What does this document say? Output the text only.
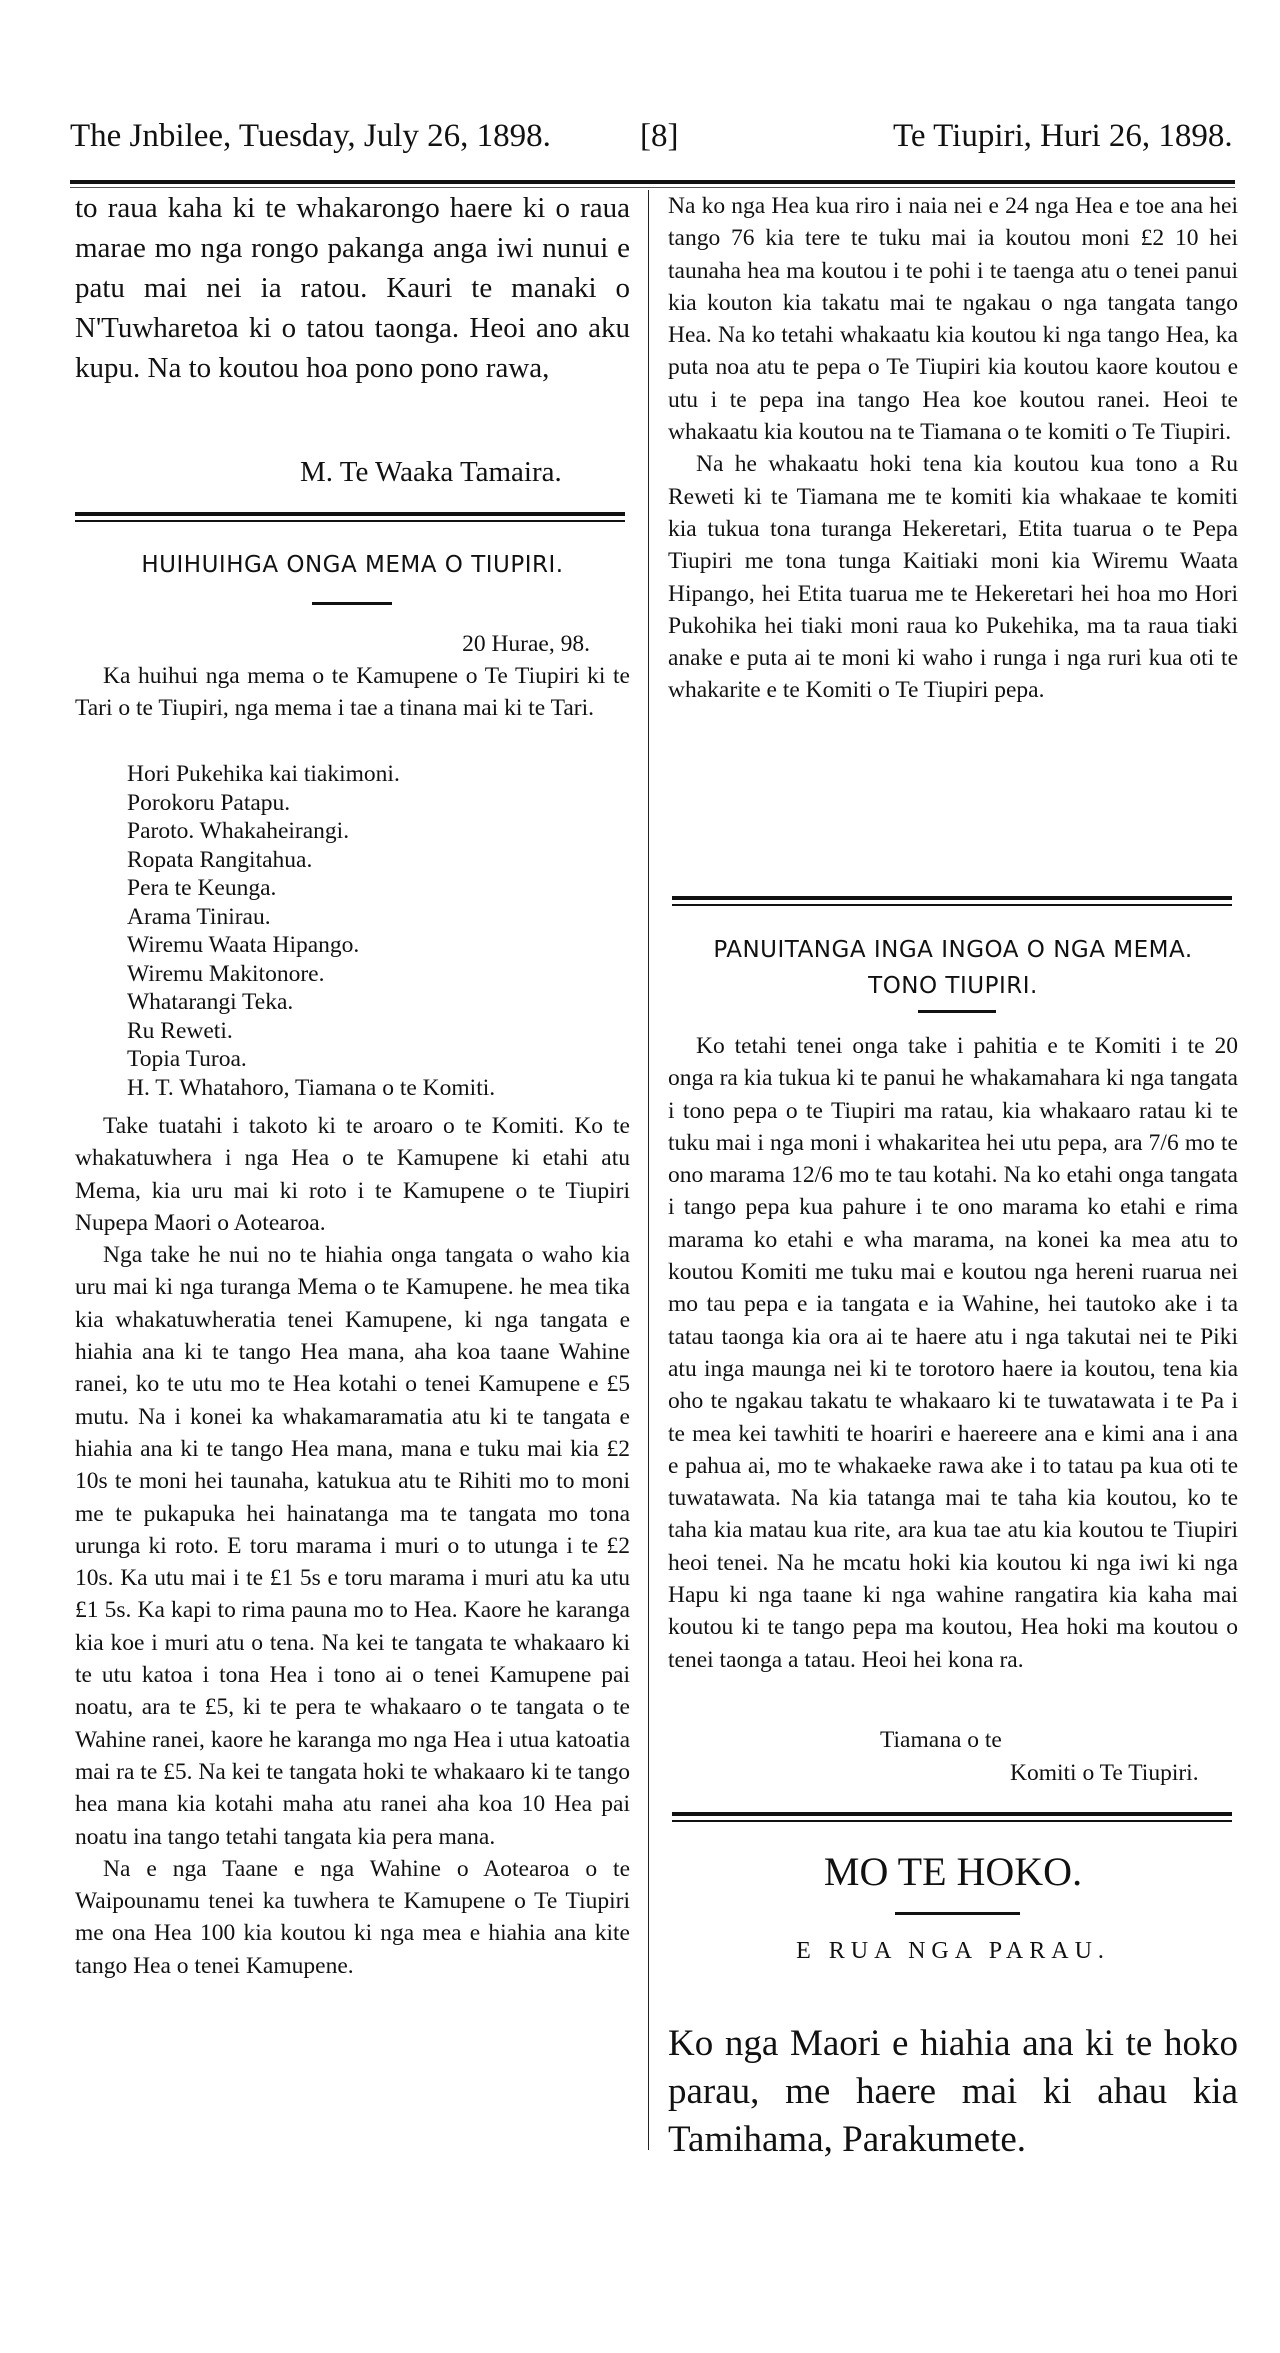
The Jnbilee, Tuesday, July 26, 1898.	[8]	Te Tiupiri, Huri 26, 1898.

to raua kaha ki te whakarongo haere ki o raua marae mo nga rongo pakanga anga iwi nunui e patu mai nei ia ratou. Kauri te manaki o N'Tuwharetoa ki o tatou taonga. Heoi ano aku kupu. Na to koutou hoa pono pono rawa,

M. Te Waaka Tamaira.
HUIHUIHGA ONGA MEMA O TIUPIRI.
20 Hurae, 98.

Ka huihui nga mema o te Kamupene o Te Tiupiri ki te Tari o te Tiupiri, nga mema i tae a tinana mai ki te Tari.

Hori Pukehika kai tiakimoni.
Porokoru Patapu.
Paroto. Whakaheirangi.
Ropata Rangitahua.
Pera te Keunga.
Arama Tinirau.
Wiremu Waata Hipango.
Wiremu Makitonore.
Whatarangi Teka.
Ru Reweti.
Topia Turoa.
H. T. Whatahoro, Tiamana o te Komiti.

Take tuatahi i takoto ki te aroaro o te Komiti. Ko te whakatuwhera i nga Hea o te Kamupene ki etahi atu Mema, kia uru mai ki roto i te Kamupene o te Tiupiri Nupepa Maori o Aotearoa.

Nga take he nui no te hiahia onga tangata o waho kia uru mai ki nga turanga Mema o te Kamupene. he mea tika kia whakatuwheratia tenei Kamupene, ki nga tangata e hiahia ana ki te tango Hea mana, aha koa taane Wahine ranei, ko te utu mo te Hea kotahi o tenei Kamupene e £5 mutu. Na i konei ka whakamaramatia atu ki te tangata e hiahia ana ki te tango Hea mana, mana e tuku mai kia £2 10s te moni hei taunaha, katukua atu te Rihiti mo to moni me te pukapuka hei hainatanga ma te tangata mo tona urunga ki roto. E toru marama i muri o to utunga i te £2 10s. Ka utu mai i te £1 5s e toru marama i muri atu ka utu £1 5s. Ka kapi to rima pauna mo to Hea. Kaore he karanga kia koe i muri atu o tena. Na kei te tangata te whakaaro ki te utu katoa i tona Hea i tono ai o tenei Kamupene pai noatu, ara te £5, ki te pera te whakaaro o te tangata o te Wahine ranei, kaore he karanga mo nga Hea i utua katoatia mai ra te £5. Na kei te tangata hoki te whakaaro ki te tango hea mana kia kotahi maha atu ranei aha koa 10 Hea pai noatu ina tango tetahi tangata kia pera mana.

Na e nga Taane e nga Wahine o Aotearoa o te Waipounamu tenei ka tuwhera te Kamupene o Te Tiupiri me ona Hea 100 kia koutou ki nga mea e hiahia ana kite tango Hea o tenei Kamupene.

Na ko nga Hea kua riro i naia nei e 24 nga Hea e toe ana hei tango 76 kia tere te tuku mai ia koutou moni £2 10 hei taunaha hea ma koutou i te pohi i te taenga atu o tenei panui kia kouton kia takatu mai te ngakau o nga tangata tango Hea. Na ko tetahi whakaatu kia koutou ki nga tango Hea, ka puta noa atu te pepa o Te Tiupiri kia koutou kaore koutou e utu i te pepa ina tango Hea koe koutou ranei. Heoi te whakaatu kia koutou na te Tiamana o te komiti o Te Tiupiri.

Na he whakaatu hoki tena kia koutou kua tono a Ru Reweti ki te Tiamana me te komiti kia whakaae te komiti kia tukua tona turanga Hekeretari, Etita tuarua o te Pepa Tiupiri me tona tunga Kaitiaki moni kia Wiremu Waata Hipango, hei Etita tuarua me te Hekeretari hei hoa mo Hori Pukohika hei tiaki moni raua ko Pukehika, ma ta raua tiaki anake e puta ai te moni ki waho i runga i nga ruri kua oti te whakarite e te Komiti o Te Tiupiri pepa.

PANUITANGA INGA INGOA O NGA MEMA.
TONO TIUPIRI.

Ko tetahi tenei onga take i pahitia e te Komiti i te 20 onga ra kia tukua ki te panui he whakamahara ki nga tangata i tono pepa o te Tiupiri ma ratau, kia whakaaro ratau ki te tuku mai i nga moni i whakaritea hei utu pepa, ara 7/6 mo te ono marama 12/6 mo te tau kotahi. Na ko etahi onga tangata i tango pepa kua pahure i te ono marama ko etahi e rima marama ko etahi e wha marama, na konei ka mea atu to koutou Komiti me tuku mai e koutou nga hereni ruarua nei mo tau pepa e ia tangata e ia Wahine, hei tautoko ake i ta tatau taonga kia ora ai te haere atu i nga takutai nei te Piki atu inga maunga nei ki te torotoro haere ia koutou, tena kia oho te ngakau takatu te whakaaro ki te tuwatawata i te Pa i te mea kei tawhiti te hoariri e haereere ana e kimi ana i ana e pahua ai, mo te whakaeke rawa ake i to tatau pa kua oti te tuwatawata. Na kia tatanga mai te taha kia koutou, ko te taha kia matau kua rite, ara kua tae atu kia koutou te Tiupiri heoi tenei. Na he mcatu hoki kia koutou ki nga iwi ki nga Hapu ki nga taane ki nga wahine rangatira kia kaha mai koutou ki te tango pepa ma koutou, Hea hoki ma koutou o tenei taonga a tatau. Heoi hei kona ra.

Tiamana o te
Komiti o Te Tiupiri.
MO TE HOKO.
E RUA NGA PARAU.

Ko nga Maori e hiahia ana ki te hoko parau, me haere mai ki ahau kia Tamihama, Parakumete.
